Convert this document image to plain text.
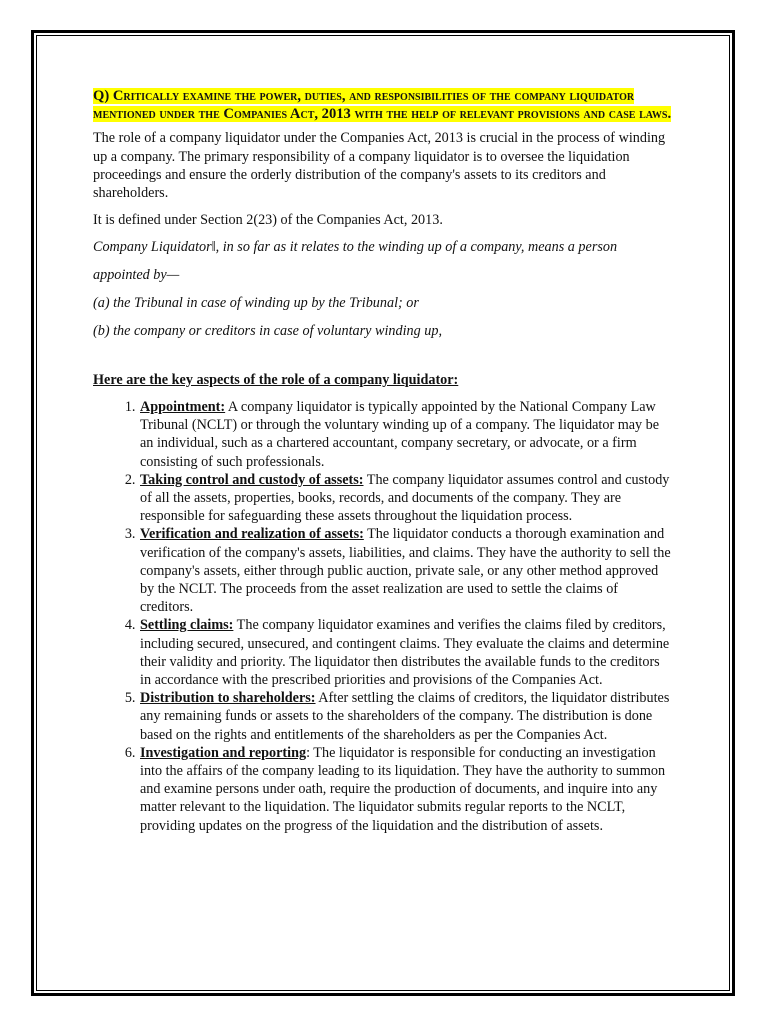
Q) Critically examine the power, duties, and responsibilities of the company liquidator mentioned under the Companies Act, 2013 with the help of relevant provisions and case laws.

The role of a company liquidator under the Companies Act, 2013 is crucial in the process of winding up a company. The primary responsibility of a company liquidator is to oversee the liquidation proceedings and ensure the orderly distribution of the company's assets to its creditors and shareholders.

It is defined under Section 2(23) of the Companies Act, 2013.

Company Liquidator‖, in so far as it relates to the winding up of a company, means a person

appointed by—

(a) the Tribunal in case of winding up by the Tribunal; or

(b) the company or creditors in case of voluntary winding up,

Here are the key aspects of the role of a company liquidator:

1. Appointment: A company liquidator is typically appointed by the National Company Law Tribunal (NCLT) or through the voluntary winding up of a company. The liquidator may be an individual, such as a chartered accountant, company secretary, or advocate, or a firm consisting of such professionals.
2. Taking control and custody of assets: The company liquidator assumes control and custody of all the assets, properties, books, records, and documents of the company. They are responsible for safeguarding these assets throughout the liquidation process.
3. Verification and realization of assets: The liquidator conducts a thorough examination and verification of the company's assets, liabilities, and claims. They have the authority to sell the company's assets, either through public auction, private sale, or any other method approved by the NCLT. The proceeds from the asset realization are used to settle the claims of creditors.
4. Settling claims: The company liquidator examines and verifies the claims filed by creditors, including secured, unsecured, and contingent claims. They evaluate the claims and determine their validity and priority. The liquidator then distributes the available funds to the creditors in accordance with the prescribed priorities and provisions of the Companies Act.
5. Distribution to shareholders: After settling the claims of creditors, the liquidator distributes any remaining funds or assets to the shareholders of the company. The distribution is done based on the rights and entitlements of the shareholders as per the Companies Act.
6. Investigation and reporting: The liquidator is responsible for conducting an investigation into the affairs of the company leading to its liquidation. They have the authority to summon and examine persons under oath, require the production of documents, and inquire into any matter relevant to the liquidation. The liquidator submits regular reports to the NCLT, providing updates on the progress of the liquidation and the distribution of assets.
